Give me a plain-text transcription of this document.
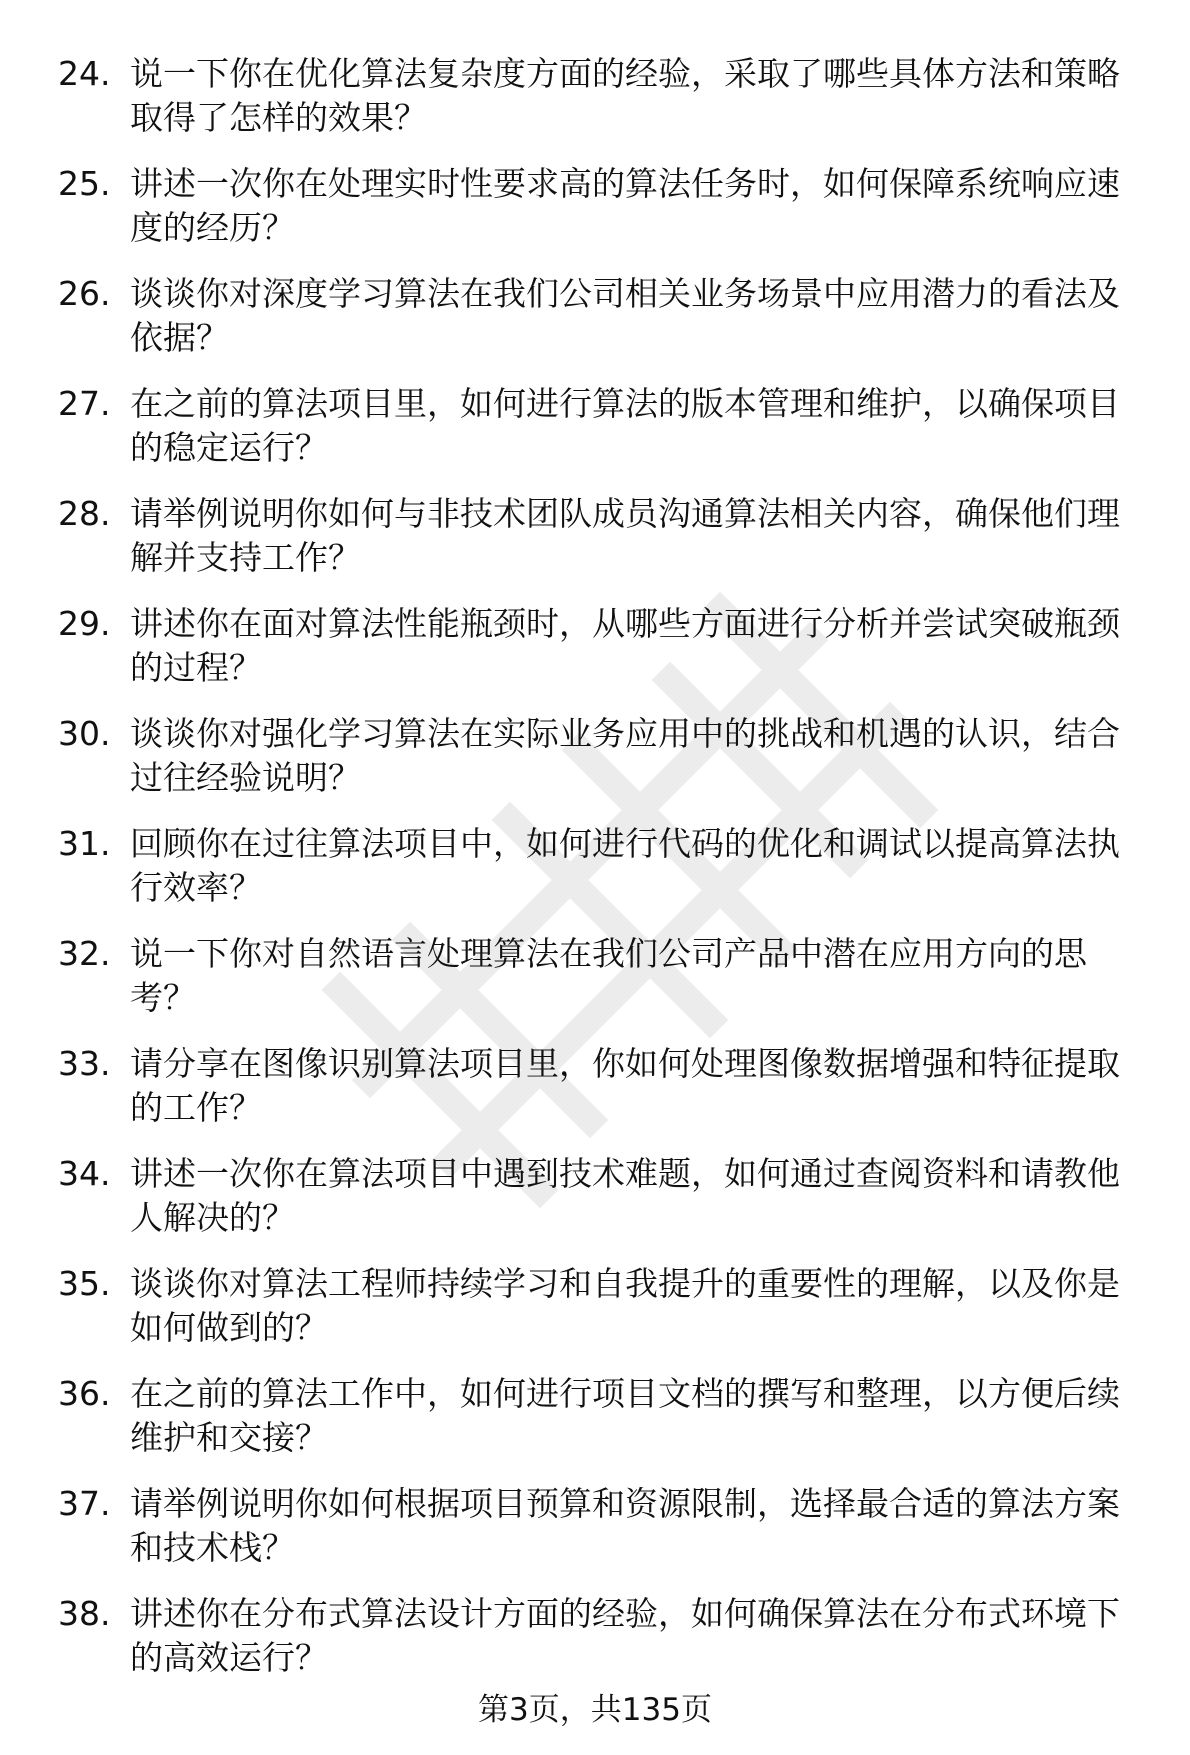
24. 说一下你在优化算法复杂度方面的经验，采取了哪些具体方法和策略取得了怎样的效果？
25. 讲述一次你在处理实时性要求高的算法任务时，如何保障系统响应速度的经历？
26. 谈谈你对深度学习算法在我们公司相关业务场景中应用潜力的看法及依据？
27. 在之前的算法项目里，如何进行算法的版本管理和维护，以确保项目的稳定运行？
28. 请举例说明你如何与非技术团队成员沟通算法相关内容，确保他们理解并支持工作？
29. 讲述你在面对算法性能瓶颈时，从哪些方面进行分析并尝试突破瓶颈的过程？
30. 谈谈你对强化学习算法在实际业务应用中的挑战和机遇的认识，结合过往经验说明？
31. 回顾你在过往算法项目中，如何进行代码的优化和调试以提高算法执行效率？
32. 说一下你对自然语言处理算法在我们公司产品中潜在应用方向的思考？
33. 请分享在图像识别算法项目里，你如何处理图像数据增强和特征提取的工作？
34. 讲述一次你在算法项目中遇到技术难题，如何通过查阅资料和请教他人解决的？
35. 谈谈你对算法工程师持续学习和自我提升的重要性的理解，以及你是如何做到的？
36. 在之前的算法工作中，如何进行项目文档的撰写和整理，以方便后续维护和交接？
37. 请举例说明你如何根据项目预算和资源限制，选择最合适的算法方案和技术栈？
38. 讲述你在分布式算法设计方面的经验，如何确保算法在分布式环境下的高效运行？
第3页，共135页
